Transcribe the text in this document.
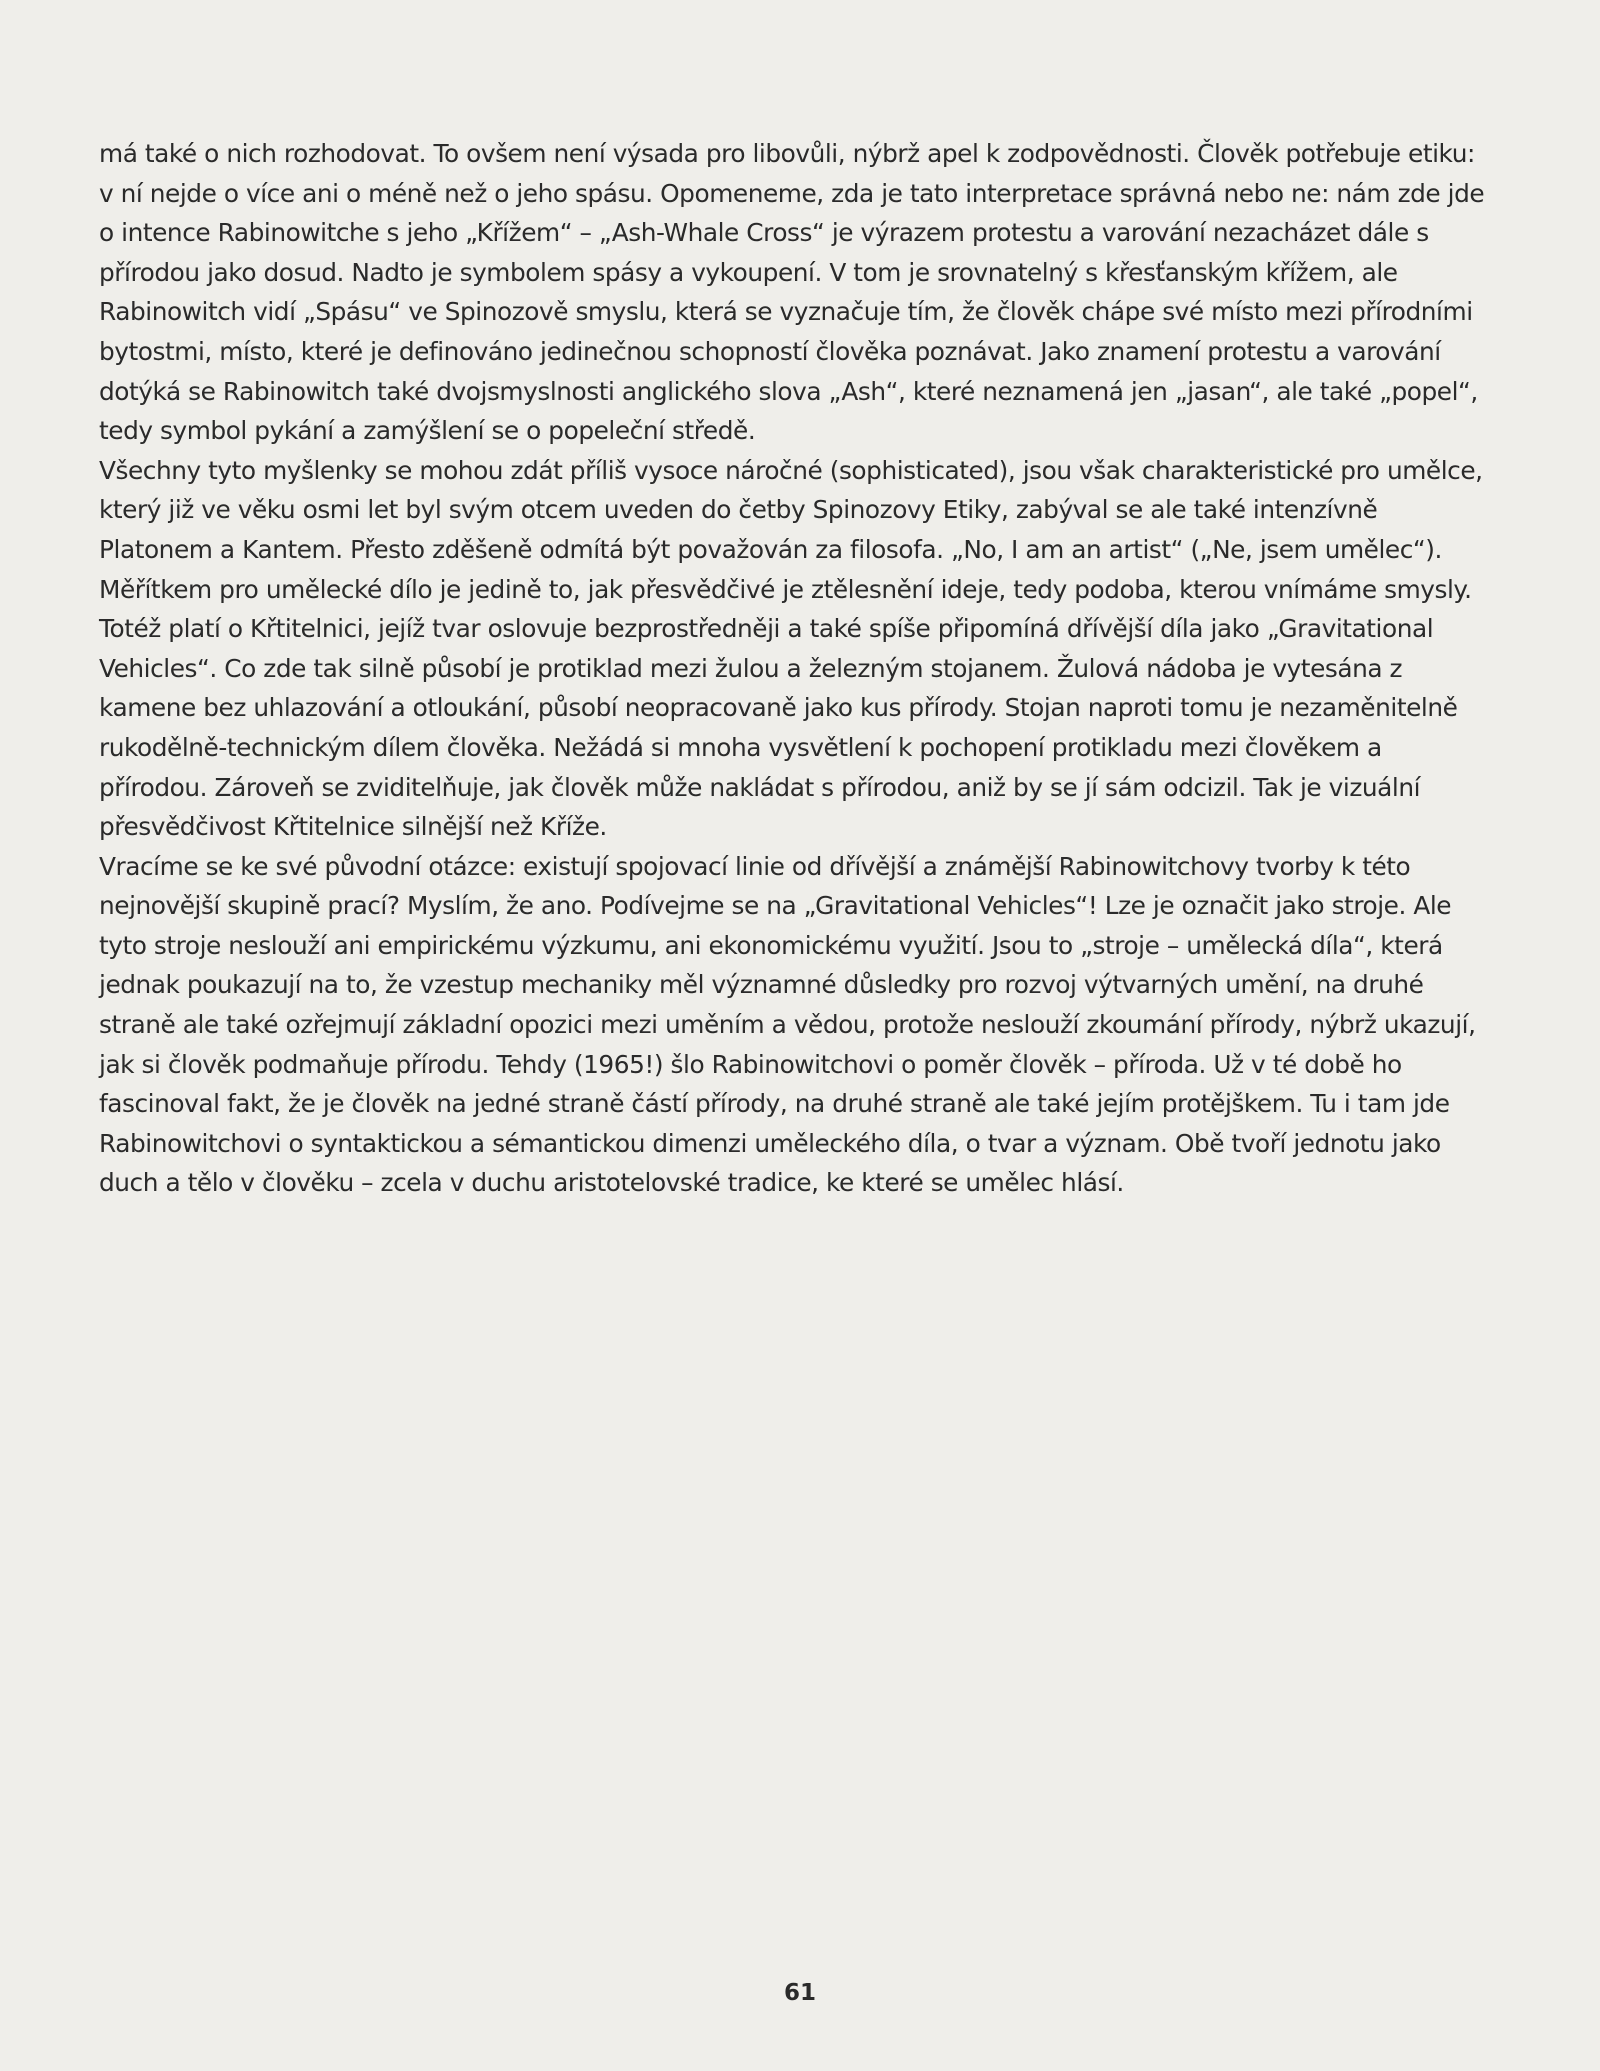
má také o nich rozhodovat. To ovšem není výsada pro libovůli, nýbrž apel k zodpovědnosti. Člověk potřebuje etiku: v ní nejde o více ani o méně než o jeho spásu. Opomeneme, zda je tato interpretace správná nebo ne: nám zde jde o intence Rabinowitche s jeho „Křížem“ – „Ash-Whale Cross“ je výrazem protestu a varování nezacházet dále s přírodou jako dosud. Nadto je symbolem spásy a vykoupení. V tom je srovnatelný s křesťanským křížem, ale Rabinowitch vidí „Spásu“ ve Spinozově smyslu, která se vyznačuje tím, že člověk chápe své místo mezi přírodními bytostmi, místo, které je definováno jedinečnou schopností člověka poznávat. Jako znamení protestu a varování dotýká se Rabinowitch také dvojsmyslnosti anglického slova „Ash“, které neznamená jen „jasan“, ale také „popel“, tedy symbol pykání a zamýšlení se o popeleční středě.

Všechny tyto myšlenky se mohou zdát příliš vysoce náročné (sophisticated), jsou však charakteristické pro umělce, který již ve věku osmi let byl svým otcem uveden do četby Spinozovy Etiky, zabýval se ale také intenzívně Platonem a Kantem. Přesto zděšeně odmítá být považován za filosofa. „No, I am an artist“ („Ne, jsem umělec“). Měřítkem pro umělecké dílo je jedině to, jak přesvědčivé je ztělesnění ideje, tedy podoba, kterou vnímáme smysly.

Totéž platí o Křtitelnici, jejíž tvar oslovuje bezprostředněji a také spíše připomíná dřívější díla jako „Gravitational Vehicles“. Co zde tak silně působí je protiklad mezi žulou a železným stojanem. Žulová nádoba je vytesána z kamene bez uhlazování a otloukání, působí neopracovaně jako kus přírody. Stojan naproti tomu je nezaměnitelně rukodělně-technickým dílem člověka. Nežádá si mnoha vysvětlení k pochopení protikladu mezi člověkem a přírodou. Zároveň se zviditelňuje, jak člověk může nakládat s přírodou, aniž by se jí sám odcizil. Tak je vizuální přesvědčivost Křtitelnice silnější než Kříže.

Vracíme se ke své původní otázce: existují spojovací linie od dřívější a známější Rabinowitchovy tvorby k této nejnovější skupině prací? Myslím, že ano. Podívejme se na „Gravitational Vehicles“! Lze je označit jako stroje. Ale tyto stroje neslouží ani empirickému výzkumu, ani ekonomickému využití. Jsou to „stroje – umělecká díla“, která jednak poukazují na to, že vzestup mechaniky měl významné důsledky pro rozvoj výtvarných umění, na druhé straně ale také ozřejmují základní opozici mezi uměním a vědou, protože neslouží zkoumání přírody, nýbrž ukazují, jak si člověk podmaňuje přírodu. Tehdy (1965!) šlo Rabinowitchovi o poměr člověk – příroda. Už v té době ho fascinoval fakt, že je člověk na jedné straně částí přírody, na druhé straně ale také jejím protějškem. Tu i tam jde Rabinowitchovi o syntaktickou a sémantickou dimenzi uměleckého díla, o tvar a význam. Obě tvoří jednotu jako duch a tělo v člověku – zcela v duchu aristotelovské tradice, ke které se umělec hlásí.

61
